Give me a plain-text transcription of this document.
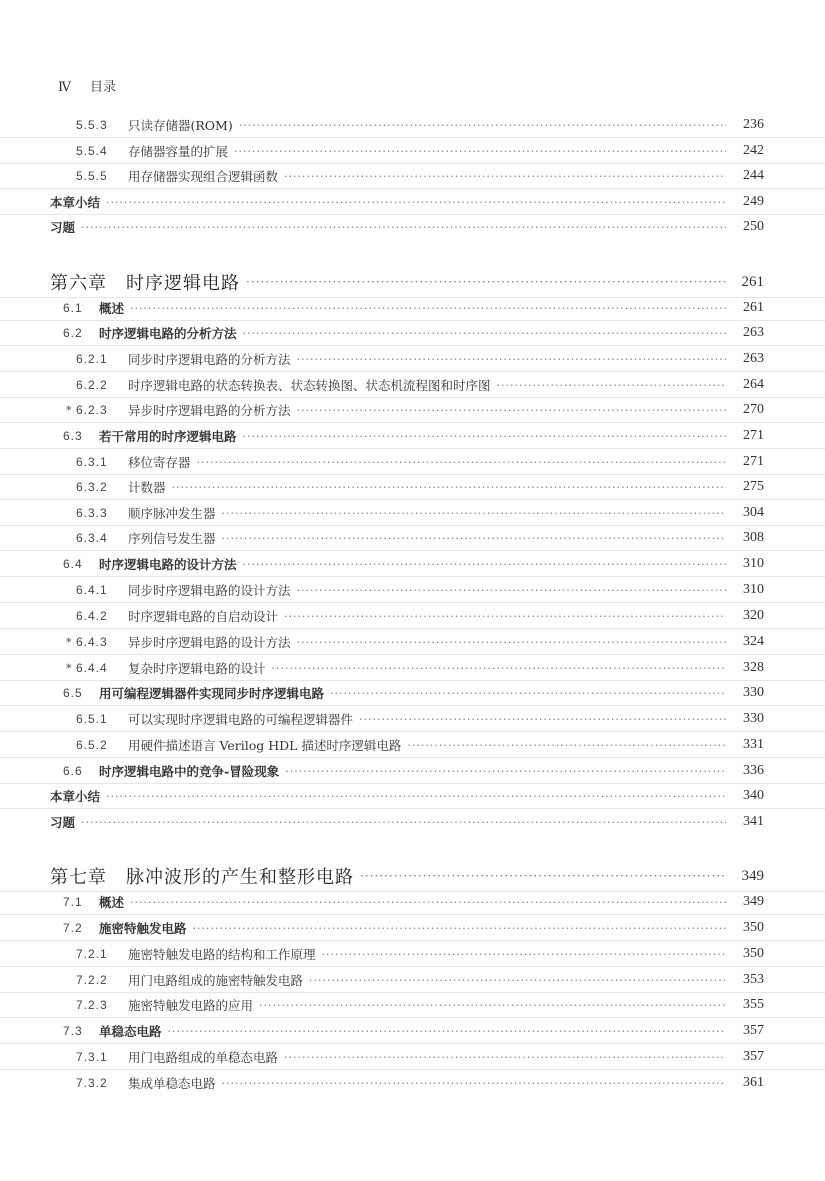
Ⅳ 目录
5.5.3	只读存储器(ROM) ·····	236
5.5.4	存储器容量的扩展 ·····	242
5.5.5	用存储器实现组合逻辑函数 ·····	244
本章小结 ·····	249
习题 ·····	250
第六章　时序逻辑电路 ·····	261
6.1	概述 ·····	261
6.2	时序逻辑电路的分析方法 ·····	263
6.2.1	同步时序逻辑电路的分析方法 ·····	263
6.2.2	时序逻辑电路的状态转换表、状态转换图、状态机流程图和时序图 ·····	264
* 6.2.3	异步时序逻辑电路的分析方法 ·····	270
6.3	若干常用的时序逻辑电路 ·····	271
6.3.1	移位寄存器 ·····	271
6.3.2	计数器 ·····	275
6.3.3	顺序脉冲发生器 ·····	304
6.3.4	序列信号发生器 ·····	308
6.4	时序逻辑电路的设计方法 ·····	310
6.4.1	同步时序逻辑电路的设计方法 ·····	310
6.4.2	时序逻辑电路的自启动设计 ·····	320
* 6.4.3	异步时序逻辑电路的设计方法 ·····	324
* 6.4.4	复杂时序逻辑电路的设计 ·····	328
6.5	用可编程逻辑器件实现同步时序逻辑电路 ·····	330
6.5.1	可以实现时序逻辑电路的可编程逻辑器件 ·····	330
6.5.2	用硬件描述语言 Verilog HDL 描述时序逻辑电路 ·····	331
6.6	时序逻辑电路中的竞争-冒险现象 ·····	336
本章小结 ·····	340
习题 ·····	341
第七章　脉冲波形的产生和整形电路 ·····	349
7.1	概述 ·····	349
7.2	施密特触发电路 ·····	350
7.2.1	施密特触发电路的结构和工作原理 ·····	350
7.2.2	用门电路组成的施密特触发电路 ·····	353
7.2.3	施密特触发电路的应用 ·····	355
7.3	单稳态电路 ·····	357
7.3.1	用门电路组成的单稳态电路 ·····	357
7.3.2	集成单稳态电路 ·····	361
